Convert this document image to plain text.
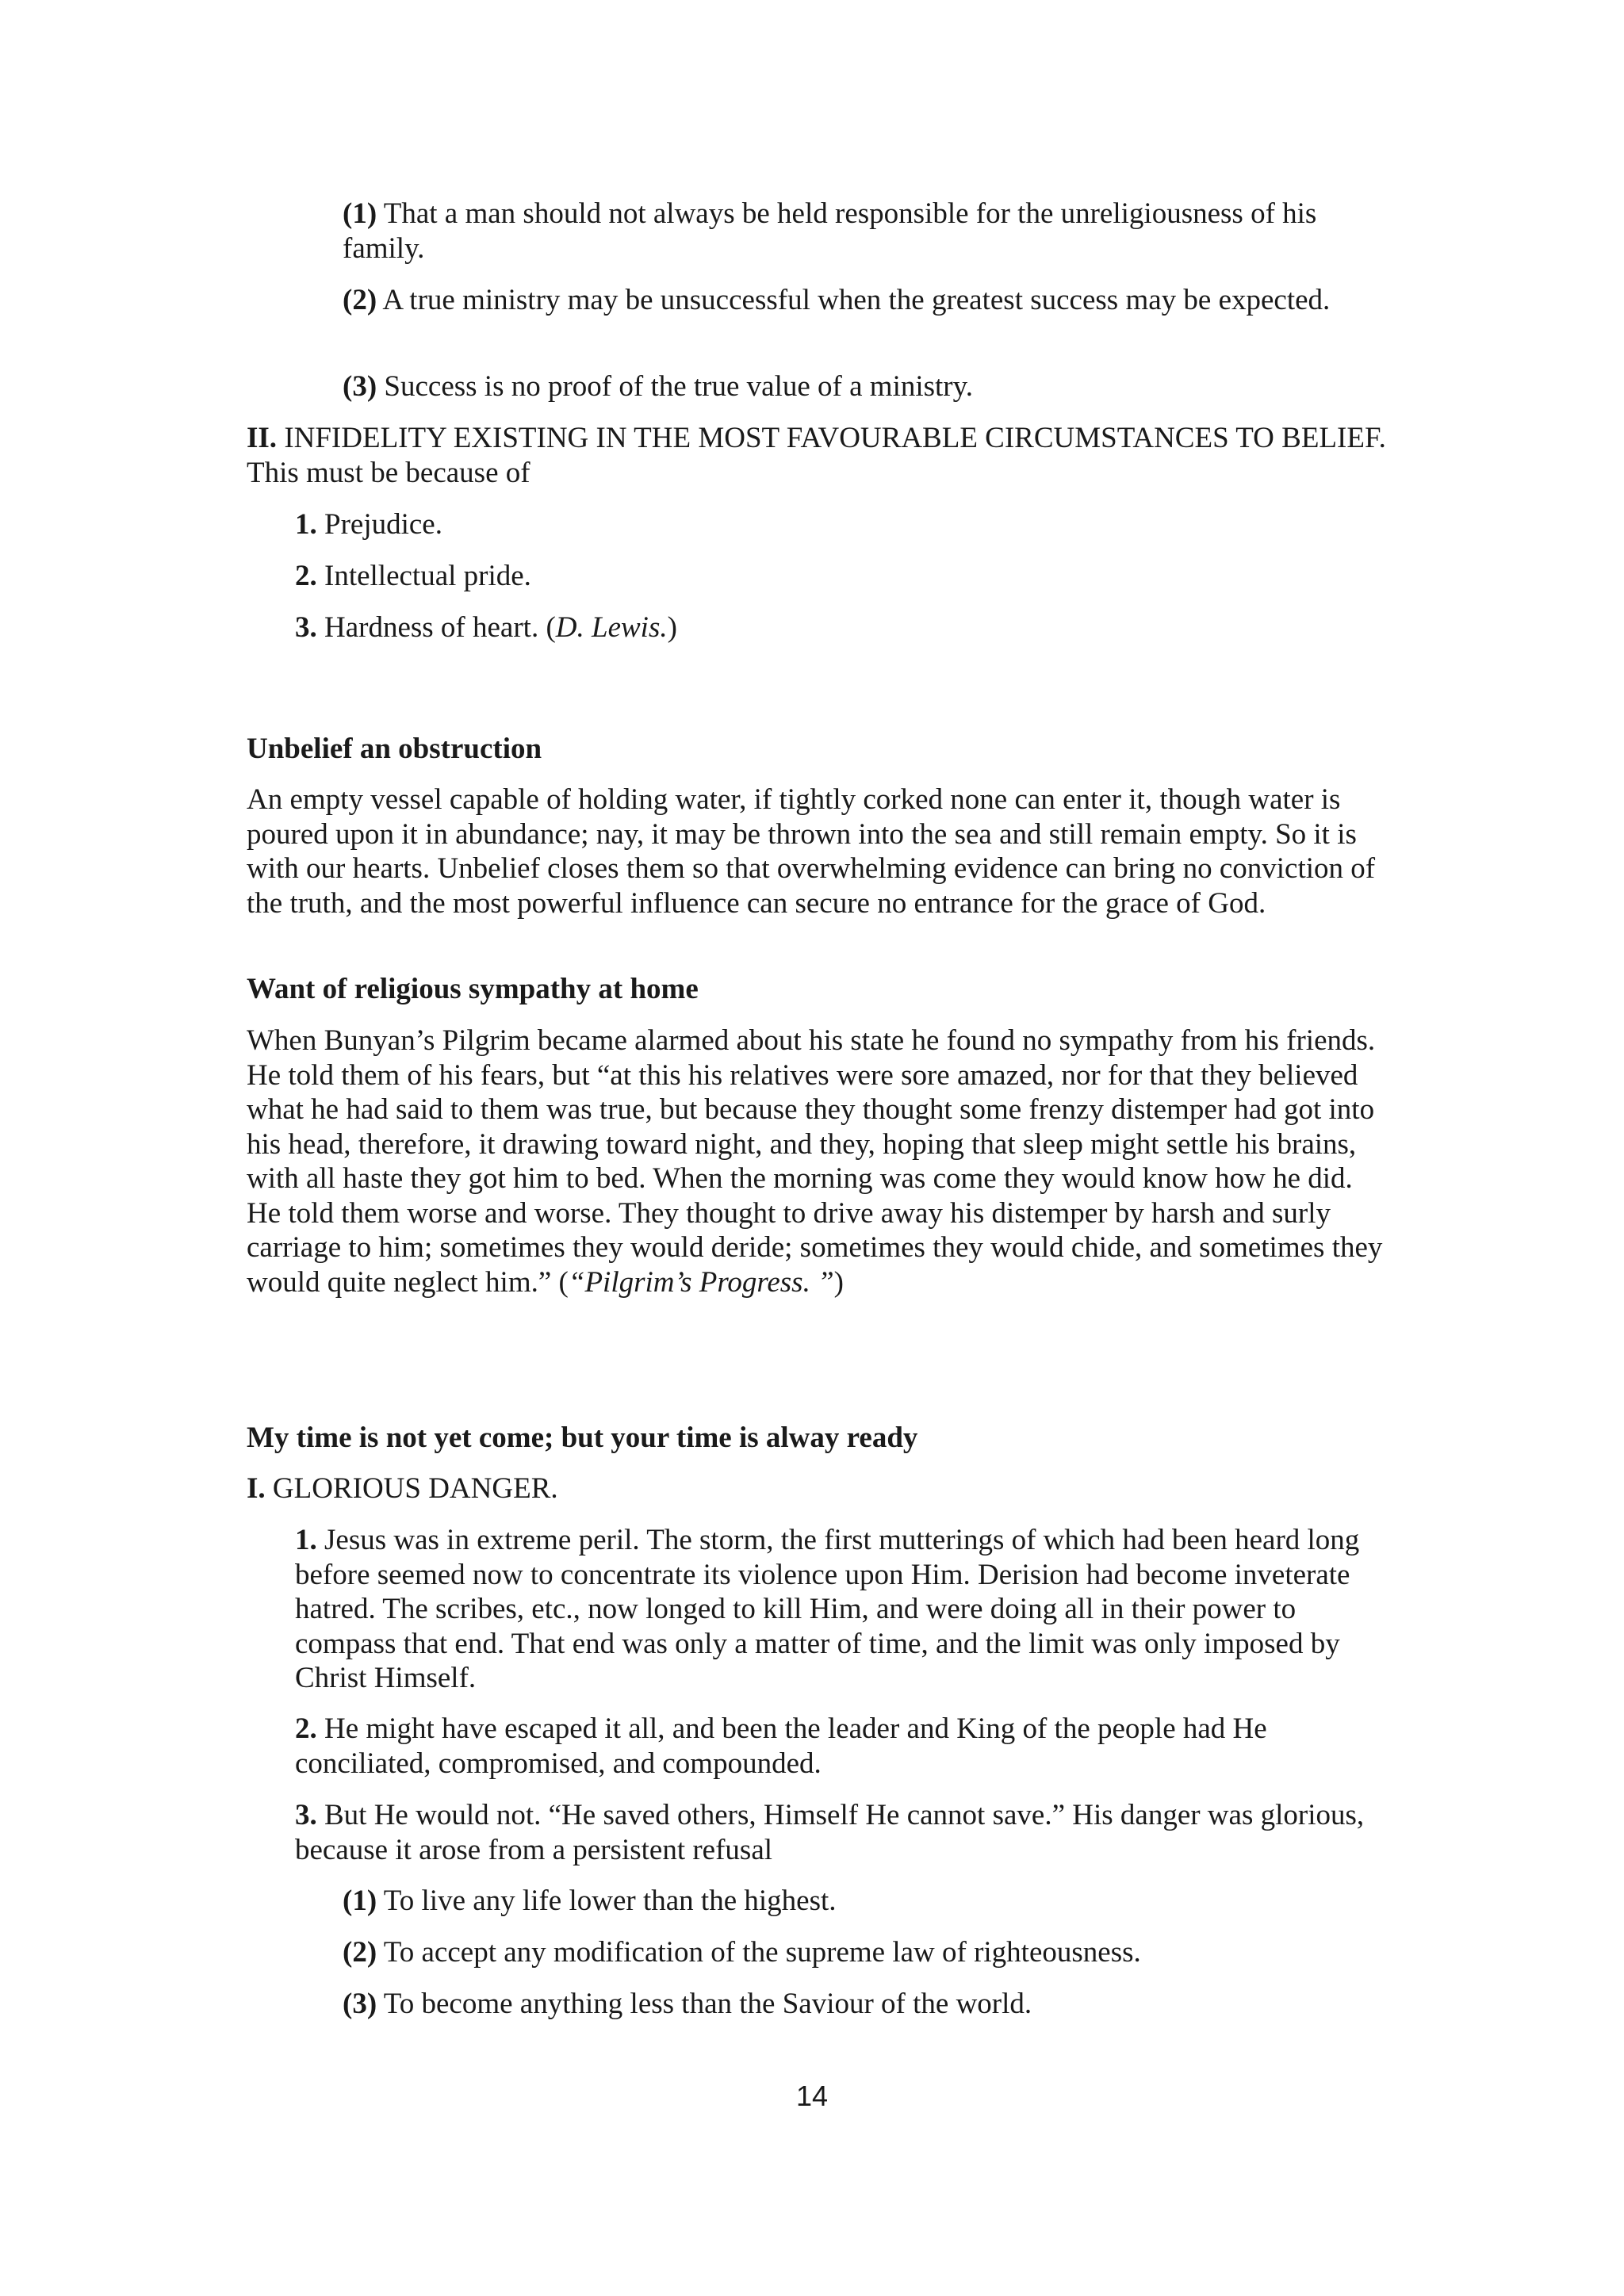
(1) That a man should not always be held responsible for the unreligiousness of his family.

(2) A true ministry may be unsuccessful when the greatest success may be expected.

(3) Success is no proof of the true value of a ministry.

II. INFIDELITY EXISTING IN THE MOST FAVOURABLE CIRCUMSTANCES TO BELIEF. This must be because of

1. Prejudice.

2. Intellectual pride.

3. Hardness of heart. (D. Lewis.)

Unbelief an obstruction

An empty vessel capable of holding water, if tightly corked none can enter it, though water is poured upon it in abundance; nay, it may be thrown into the sea and still remain empty. So it is with our hearts. Unbelief closes them so that overwhelming evidence can bring no conviction of the truth, and the most powerful influence can secure no entrance for the grace of God.

Want of religious sympathy at home

When Bunyan’s Pilgrim became alarmed about his state he found no sympathy from his friends. He told them of his fears, but “at this his relatives were sore amazed, nor for that they believed what he had said to them was true, but because they thought some frenzy distemper had got into his head, therefore, it drawing toward night, and they, hoping that sleep might settle his brains, with all haste they got him to bed. When the morning was come they would know how he did. He told them worse and worse. They thought to drive away his distemper by harsh and surly carriage to him; sometimes they would deride; sometimes they would chide, and sometimes they would quite neglect him.” (“Pilgrim’s Progress. ”)

My time is not yet come; but your time is alway ready

I. GLORIOUS DANGER.

1. Jesus was in extreme peril. The storm, the first mutterings of which had been heard long before seemed now to concentrate its violence upon Him. Derision had become inveterate hatred. The scribes, etc., now longed to kill Him, and were doing all in their power to compass that end. That end was only a matter of time, and the limit was only imposed by Christ Himself.

2. He might have escaped it all, and been the leader and King of the people had He conciliated, compromised, and compounded.

3. But He would not. “He saved others, Himself He cannot save.” His danger was glorious, because it arose from a persistent refusal

(1) To live any life lower than the highest.

(2) To accept any modification of the supreme law of righteousness.

(3) To become anything less than the Saviour of the world.

14
